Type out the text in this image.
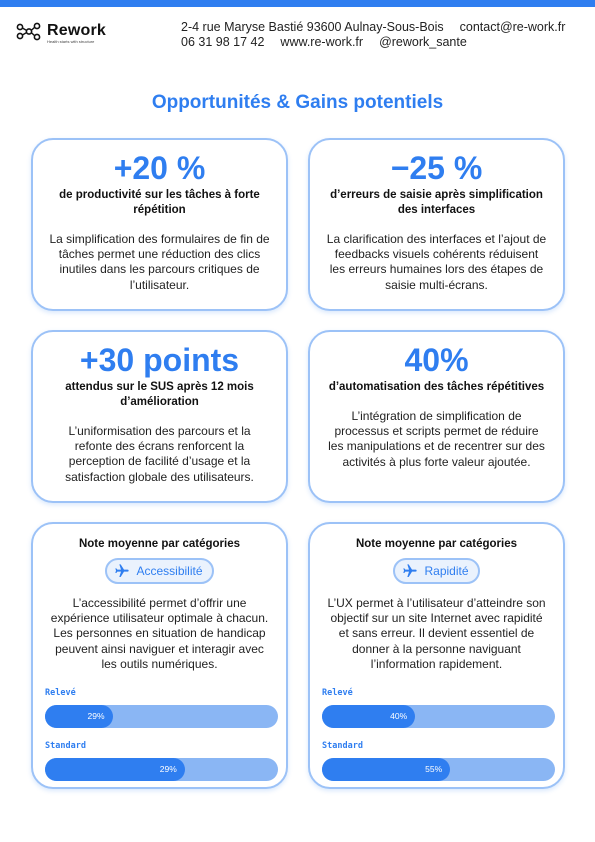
Rework
Health starts with structure
2-4 rue Maryse Bastié 93600 Aulnay-Sous-Bois contact@re-work.fr
06 31 98 17 42 www.re-work.fr @rework_sante
Opportunités & Gains potentiels
+20 %
de productivité sur les tâches à forte répétition
La simplification des formulaires de fin de tâches permet une réduction des clics inutiles dans les parcours critiques de l’utilisateur.
−25 %
d’erreurs de saisie après simplification des interfaces
La clarification des interfaces et l’ajout de feedbacks visuels cohérents réduisent les erreurs humaines lors des étapes de saisie multi-écrans.
+30 points
attendus sur le SUS après 12 mois d’amélioration
L’uniformisation des parcours et la refonte des écrans renforcent la perception de facilité d’usage et la satisfaction globale des utilisateurs.
40%
d’automatisation des tâches répétitives
L’intégration de simplification de processus et scripts permet de réduire les manipulations et de recentrer sur des activités à plus forte valeur ajoutée.
Note moyenne par catégories
Accessibilité
L’accessibilité permet d’offrir une expérience utilisateur optimale à chacun. Les personnes en situation de handicap peuvent ainsi naviguer et interagir avec les outils numériques.
Relevé
29%
Standard
29%
Note moyenne par catégories
Rapidité
L’UX permet à l’utilisateur d’atteindre son objectif sur un site Internet avec rapidité et sans erreur. Il devient essentiel de donner à la personne naviguant l’information rapidement.
Relevé
40%
Standard
55%
